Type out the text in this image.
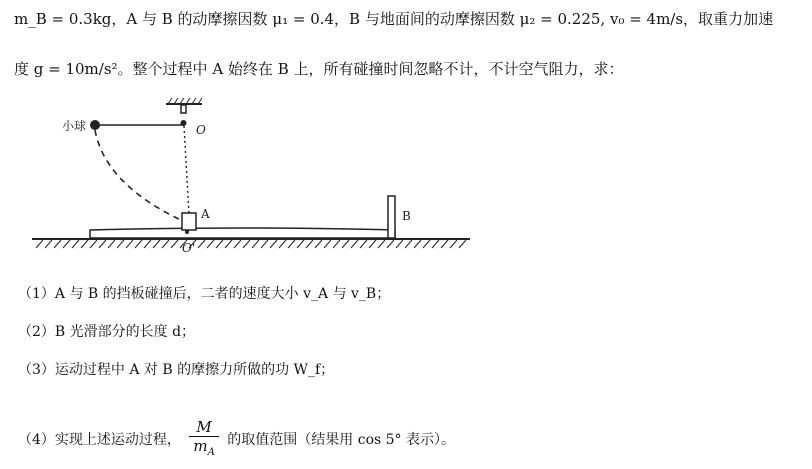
m_B = 0.3kg，A 与 B 的动摩擦因数 μ₁ = 0.4，B 与地面间的动摩擦因数 μ₂ = 0.225, v₀ = 4m/s，取重力加速
度 g = 10m/s²。整个过程中 A 始终在 B 上，所有碰撞时间忽略不计，不计空气阻力，求：
小球	O
A	B
O'
（1）A 与 B 的挡板碰撞后，二者的速度大小 v_A 与 v_B；
（2）B 光滑部分的长度 d；
（3）运动过程中 A 对 B 的摩擦力所做的功 W_f；
（4）实现上述运动过程， $\frac{M}{m_A}$ 的取值范围（结果用 cos 5° 表示）。
